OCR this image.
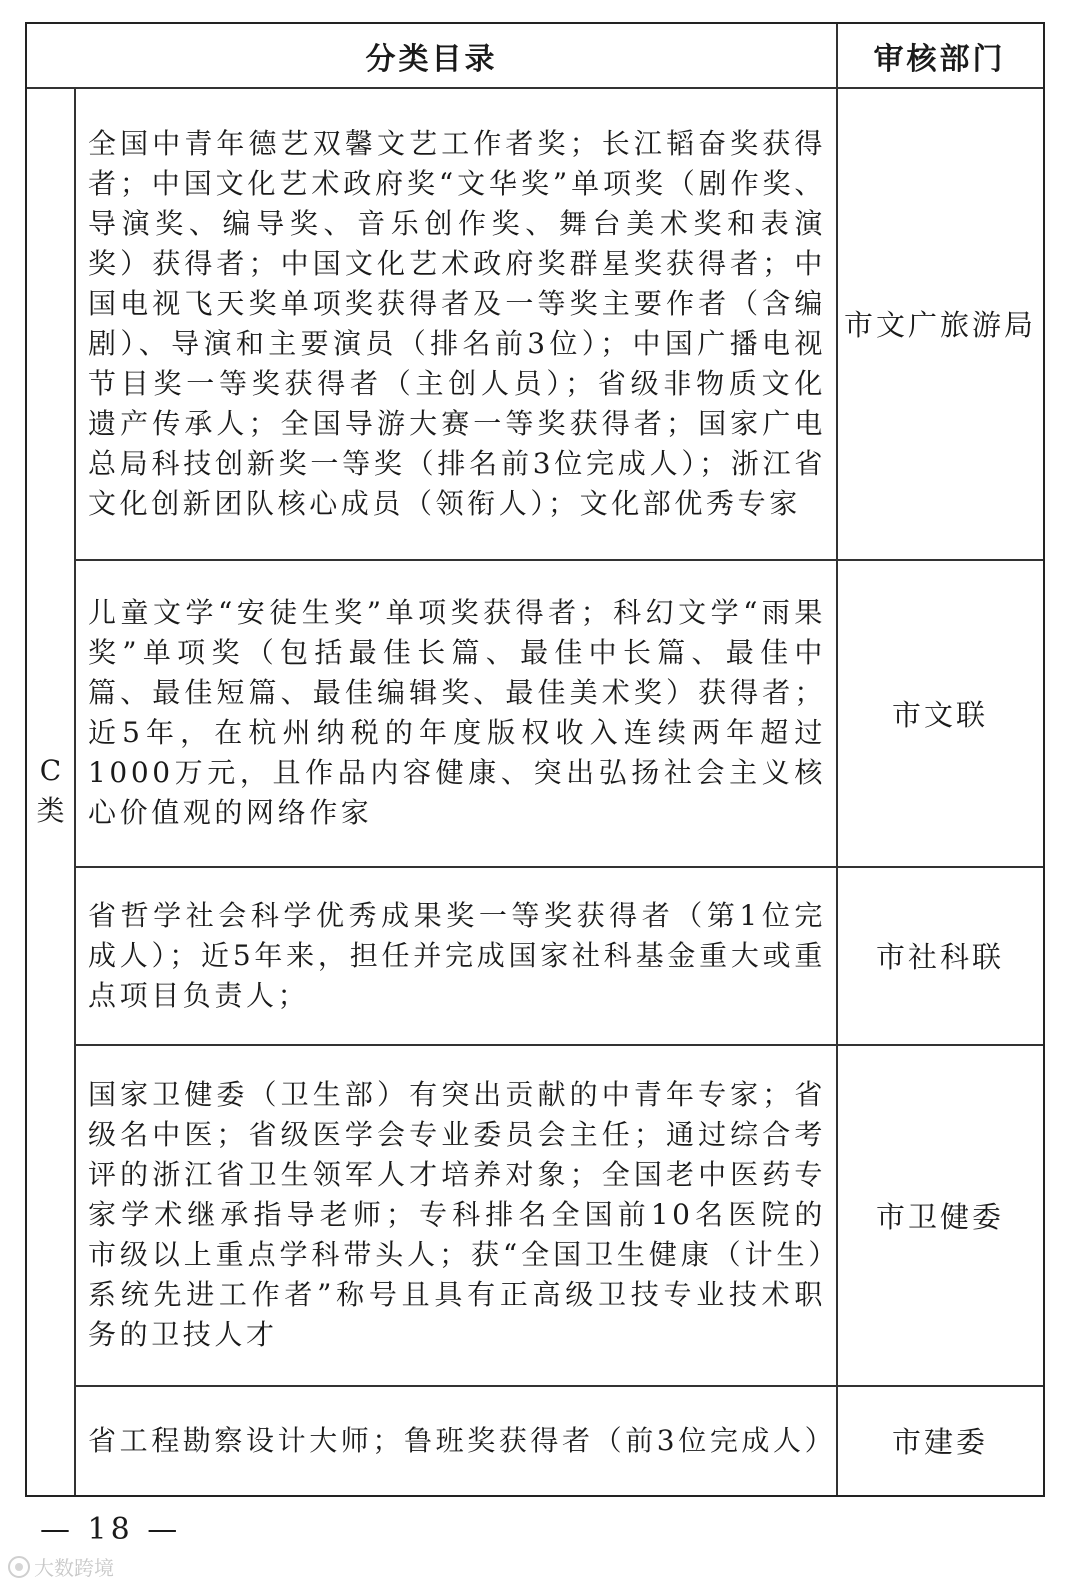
分类目录	审核部门
C
类
全国中青年德艺双馨文艺工作者奖；长江韬奋奖获得者；中国文化艺术政府奖“文华奖”单项奖（剧作奖、导演奖、编导奖、音乐创作奖、舞台美术奖和表演奖）获得者；中国文化艺术政府奖群星奖获得者；中国电视飞天奖单项奖获得者及一等奖主要作者（含编剧）、导演和主要演员（排名前3位）；中国广播电视节目奖一等奖获得者（主创人员）；省级非物质文化遗产传承人；全国导游大赛一等奖获得者；国家广电总局科技创新奖一等奖（排名前3位完成人）；浙江省文化创新团队核心成员（领衔人）；文化部优秀专家
市文广旅游局
儿童文学“安徒生奖”单项奖获得者；科幻文学“雨果奖”单项奖（包括最佳长篇、最佳中长篇、最佳中篇、最佳短篇、最佳编辑奖、最佳美术奖）获得者；近5年，在杭州纳税的年度版权收入连续两年超过1000万元，且作品内容健康、突出弘扬社会主义核心价值观的网络作家
市文联
省哲学社会科学优秀成果奖一等奖获得者（第1位完成人）；近5年来，担任并完成国家社科基金重大或重点项目负责人；
市社科联
国家卫健委（卫生部）有突出贡献的中青年专家；省级名中医；省级医学会专业委员会主任；通过综合考评的浙江省卫生领军人才培养对象；全国老中医药专家学术继承指导老师；专科排名全国前10名医院的市级以上重点学科带头人；获“全国卫生健康（计生）系统先进工作者”称号且具有正高级卫技专业技术职务的卫技人才
市卫健委
省工程勘察设计大师；鲁班奖获得者（前3位完成人）	市建委
— 18 —
大数跨境
